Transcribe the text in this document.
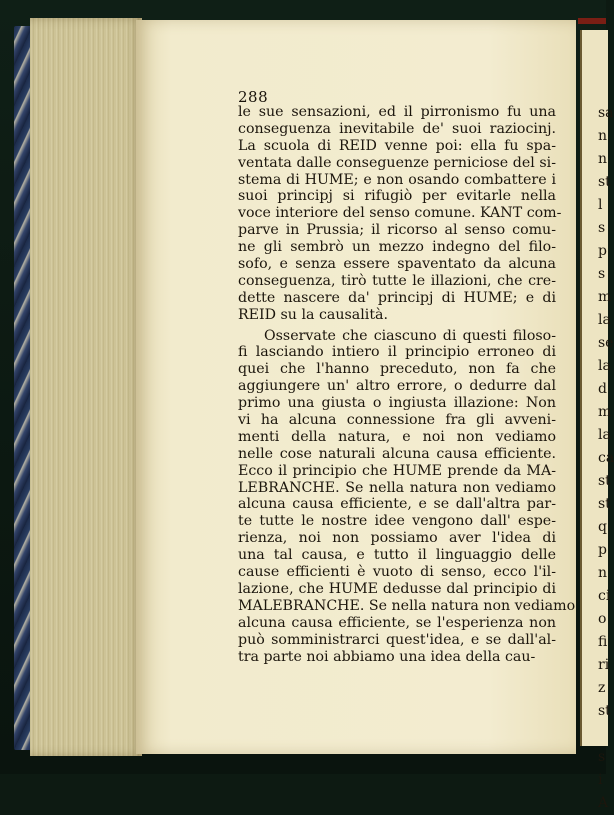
sa
n
n
st
l
s
p
s
m
la
se
la
d
m
la
ca
st
st
q
p
n
ci
o
fi
ri
z
st
s
i
A
288
le sue sensazioni, ed il pirronismo fu una
conseguenza inevitabile de' suoi raziocinj.
La scuola di REID venne poi: ella fu spa-
ventata dalle conseguenze perniciose del si-
stema di HUME; e non osando combattere i
suoi principj si rifugiò per evitarle nella
voce interiore del senso comune. KANT com-
parve in Prussia; il ricorso al senso comu-
ne gli sembrò un mezzo indegno del filo-
sofo, e senza essere spaventato da alcuna
conseguenza, tirò tutte le illazioni, che cre-
dette nascere da' principj di HUME; e di
REID su la causalità.
Osservate che ciascuno di questi filoso-
fi lasciando intiero il principio erroneo di
quei che l'hanno preceduto, non fa che
aggiungere un' altro errore, o dedurre dal
primo una giusta o ingiusta illazione: Non
vi ha alcuna connessione fra gli avveni-
menti della natura, e noi non vediamo
nelle cose naturali alcuna causa efficiente.
Ecco il principio che HUME prende da MA-
LEBRANCHE. Se nella natura non vediamo
alcuna causa efficiente, e se dall'altra par-
te tutte le nostre idee vengono dall' espe-
rienza, noi non possiamo aver l'idea di
una tal causa, e tutto il linguaggio delle
cause efficienti è vuoto di senso, ecco l'il-
lazione, che HUME dedusse dal principio di
MALEBRANCHE. Se nella natura non vediamo
alcuna causa efficiente, se l'esperienza non
può somministrarci quest'idea, e se dall'al-
tra parte noi abbiamo una idea della cau-
